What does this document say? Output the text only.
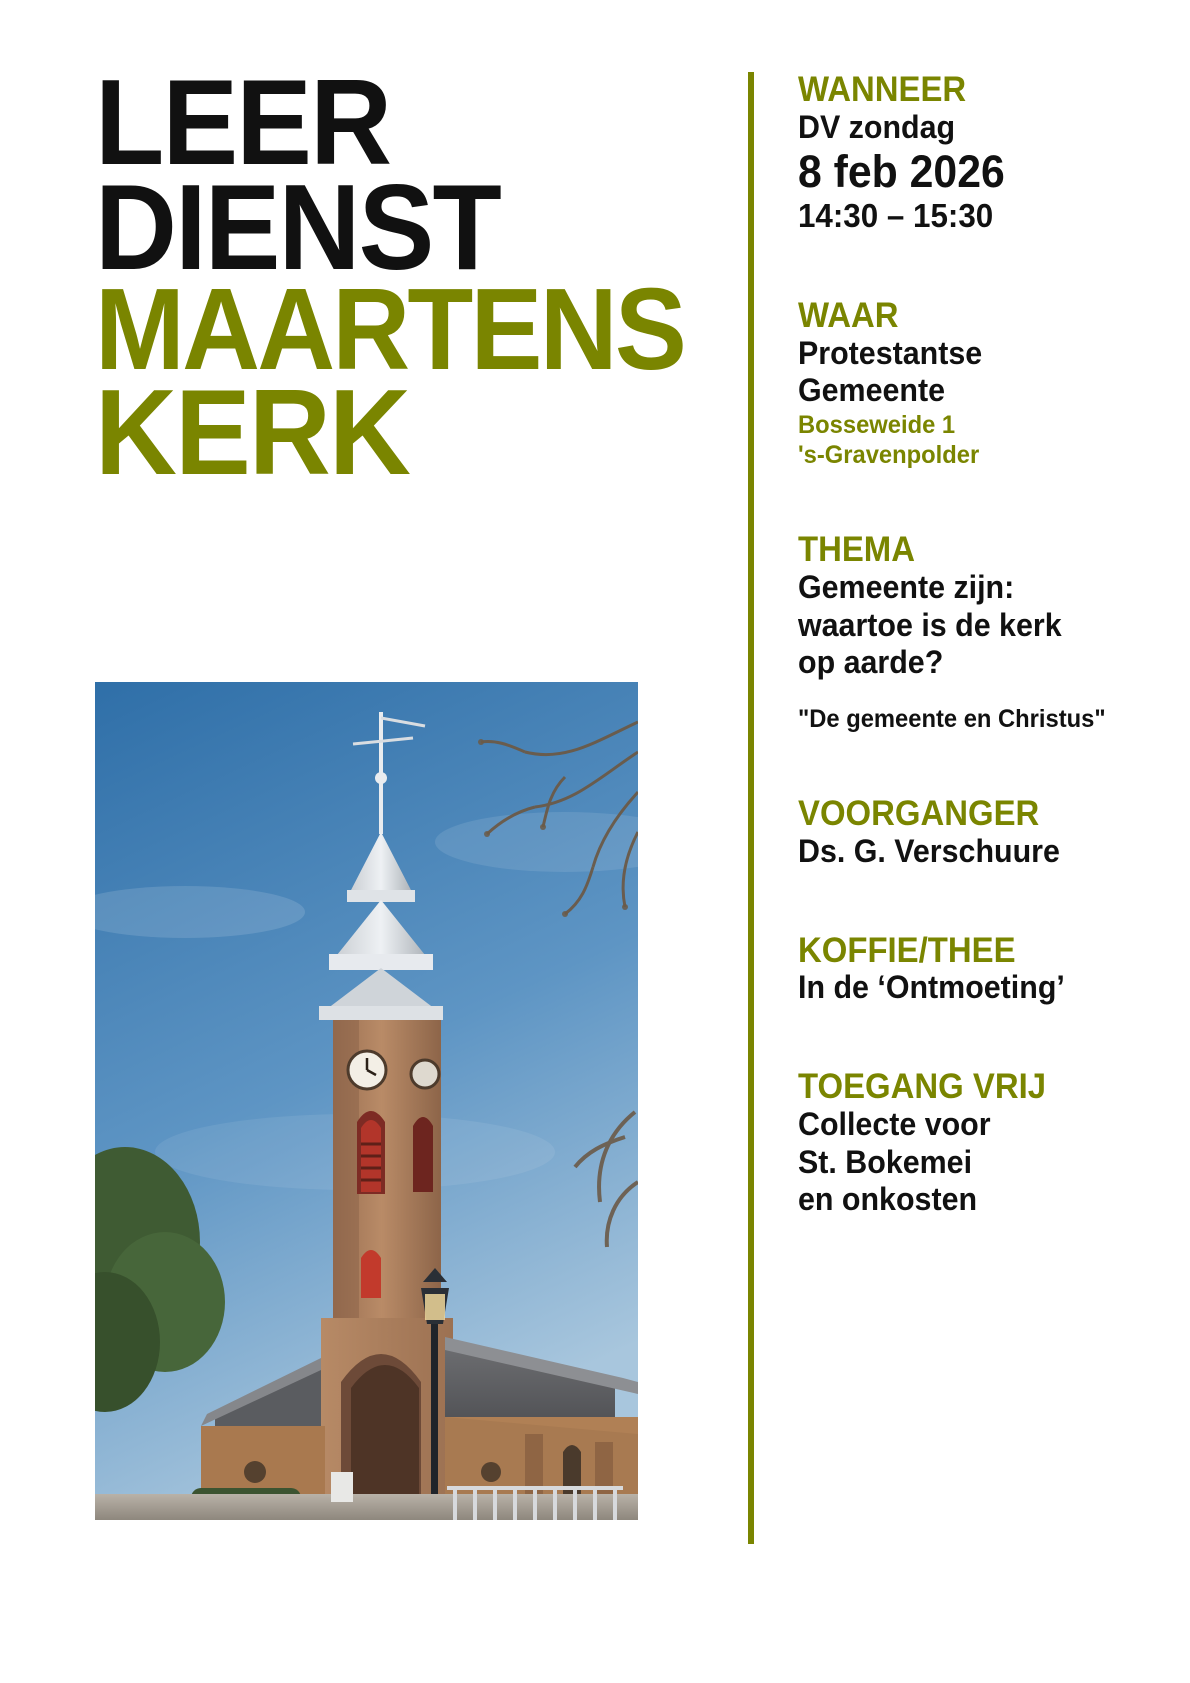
LEER
DIENST
MAARTENS
KERK
WANNEER
DV zondag
8 feb 2026
14:30 – 15:30
WAAR
Protestantse
Gemeente
Bosseweide 1
's-Gravenpolder
THEMA
Gemeente zijn:
waartoe is de kerk
op aarde?
"De gemeente en Christus"
VOORGANGER
Ds. G. Verschuure
KOFFIE/THEE
In de ‘Ontmoeting’
TOEGANG VRIJ
Collecte voor
St. Bokemei
en onkosten
